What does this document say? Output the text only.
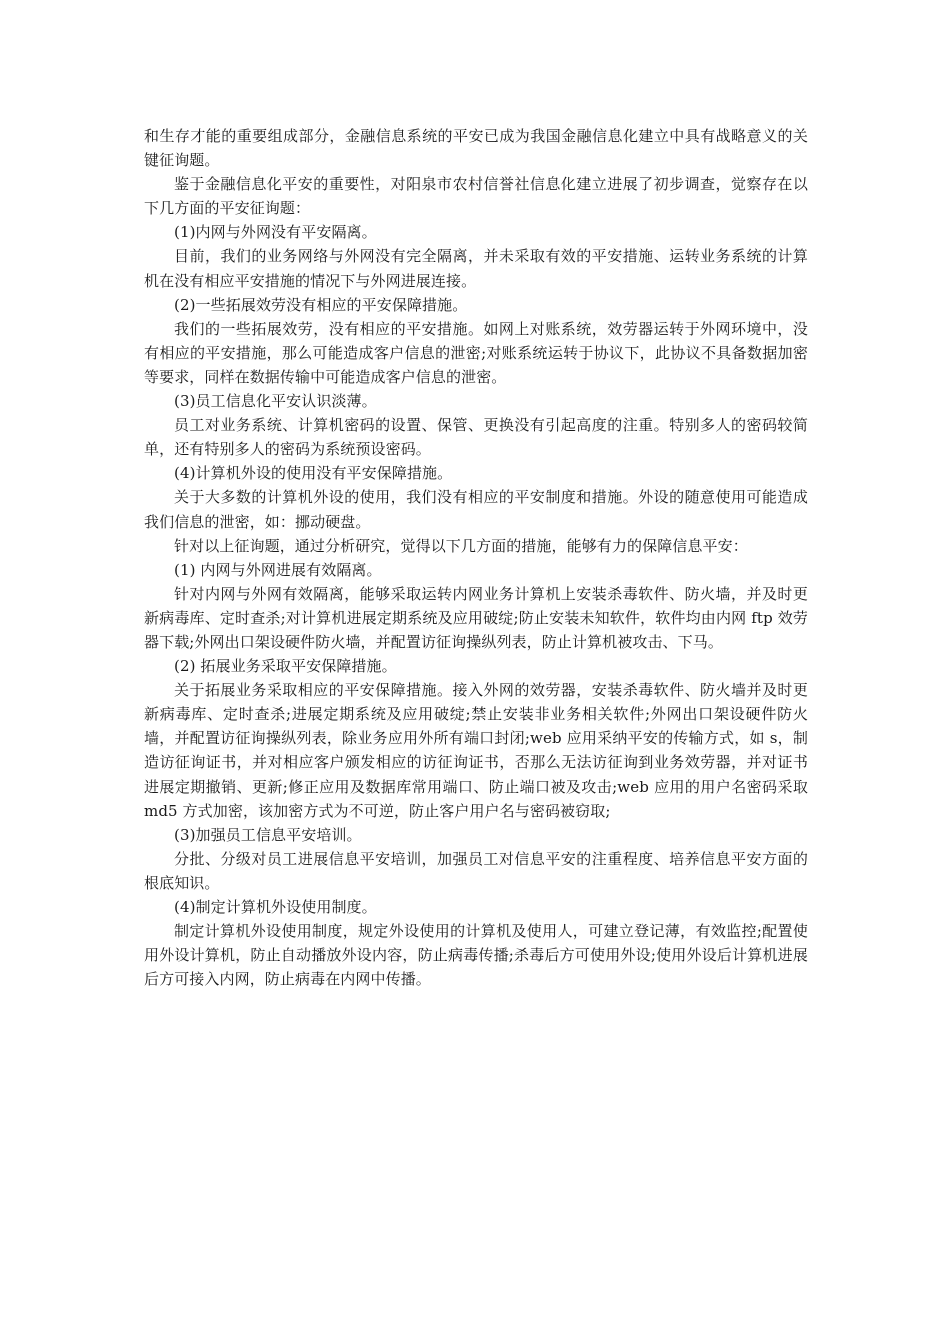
和生存才能的重要组成部分，金融信息系统的平安已成为我国金融信息化建立中具有战略意义的关键征询题。

鉴于金融信息化平安的重要性，对阳泉市农村信誉社信息化建立进展了初步调查，觉察存在以下几方面的平安征询题：

(1)内网与外网没有平安隔离。

目前，我们的业务网络与外网没有完全隔离，并未采取有效的平安措施、运转业务系统的计算机在没有相应平安措施的情况下与外网进展连接。

(2)一些拓展效劳没有相应的平安保障措施。

我们的一些拓展效劳，没有相应的平安措施。如网上对账系统，效劳器运转于外网环境中，没有相应的平安措施，那么可能造成客户信息的泄密;对账系统运转于协议下，此协议不具备数据加密等要求，同样在数据传输中可能造成客户信息的泄密。

(3)员工信息化平安认识淡薄。

员工对业务系统、计算机密码的设置、保管、更换没有引起高度的注重。特别多人的密码较简单，还有特别多人的密码为系统预设密码。

(4)计算机外设的使用没有平安保障措施。

关于大多数的计算机外设的使用，我们没有相应的平安制度和措施。外设的随意使用可能造成我们信息的泄密，如：挪动硬盘。

针对以上征询题，通过分析研究，觉得以下几方面的措施，能够有力的保障信息平安：

(1) 内网与外网进展有效隔离。

针对内网与外网有效隔离，能够采取运转内网业务计算机上安装杀毒软件、防火墙，并及时更新病毒库、定时查杀;对计算机进展定期系统及应用破绽;防止安装未知软件，软件均由内网 ftp 效劳器下载;外网出口架设硬件防火墙，并配置访征询操纵列表，防止计算机被攻击、下马。

(2) 拓展业务采取平安保障措施。

关于拓展业务采取相应的平安保障措施。接入外网的效劳器，安装杀毒软件、防火墙并及时更新病毒库、定时查杀;进展定期系统及应用破绽;禁止安装非业务相关软件;外网出口架设硬件防火墙，并配置访征询操纵列表，除业务应用外所有端口封闭;web 应用采纳平安的传输方式，如 s，制造访征询证书，并对相应客户颁发相应的访征询证书，否那么无法访征询到业务效劳器，并对证书进展定期撤销、更新;修正应用及数据库常用端口、防止端口被及攻击;web 应用的用户名密码采取 md5 方式加密，该加密方式为不可逆，防止客户用户名与密码被窃取;

(3)加强员工信息平安培训。

分批、分级对员工进展信息平安培训，加强员工对信息平安的注重程度、培养信息平安方面的根底知识。

(4)制定计算机外设使用制度。

制定计算机外设使用制度，规定外设使用的计算机及使用人，可建立登记薄，有效监控;配置使用外设计算机，防止自动播放外设内容，防止病毒传播;杀毒后方可使用外设;使用外设后计算机进展后方可接入内网，防止病毒在内网中传播。
